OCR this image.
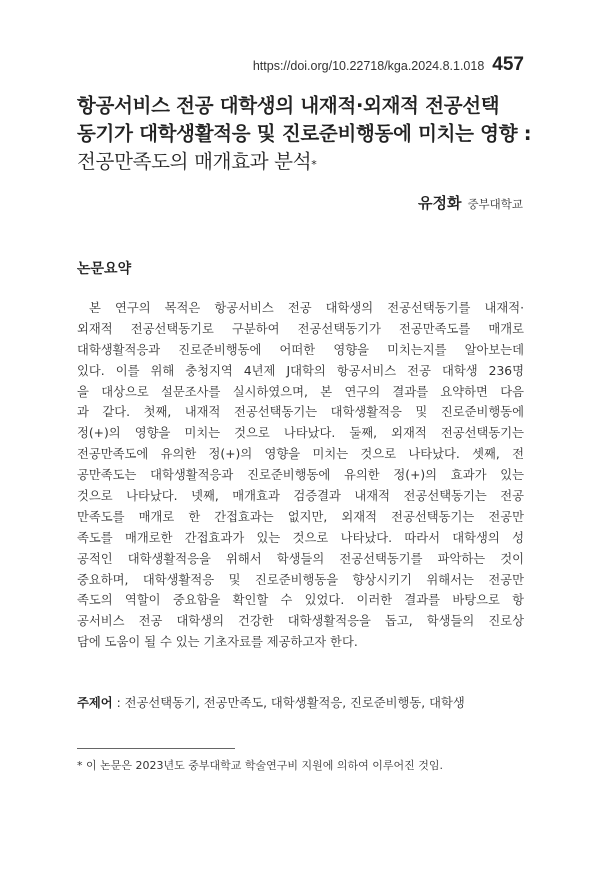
https://doi.org/10.22718/kga.2024.8.1.018 457
항공서비스 전공 대학생의 내재적·외재적 전공선택
동기가 대학생활적응 및 진로준비행동에 미치는 영향 :
전공만족도의 매개효과 분석*
유정화 중부대학교
논문요약
본 연구의 목적은 항공서비스 전공 대학생의 전공선택동기를 내재적·
외재적 전공선택동기로 구분하여 전공선택동기가 전공만족도를 매개로
대학생활적응과 진로준비행동에 어떠한 영향을 미치는지를 알아보는데
있다. 이를 위해 충청지역 4년제 J대학의 항공서비스 전공 대학생 236명
을 대상으로 설문조사를 실시하였으며, 본 연구의 결과를 요약하면 다음
과 같다. 첫째, 내재적 전공선택동기는 대학생활적응 및 진로준비행동에
정(+)의 영향을 미치는 것으로 나타났다. 둘째, 외재적 전공선택동기는
전공만족도에 유의한 정(+)의 영향을 미치는 것으로 나타났다. 셋째, 전
공만족도는 대학생활적응과 진로준비행동에 유의한 정(+)의 효과가 있는
것으로 나타났다. 넷째, 매개효과 검증결과 내재적 전공선택동기는 전공
만족도를 매개로 한 간접효과는 없지만, 외재적 전공선택동기는 전공만
족도를 매개로한 간접효과가 있는 것으로 나타났다. 따라서 대학생의 성
공적인 대학생활적응을 위해서 학생들의 전공선택동기를 파악하는 것이
중요하며, 대학생활적응 및 진로준비행동을 향상시키기 위해서는 전공만
족도의 역할이 중요함을 확인할 수 있었다. 이러한 결과를 바탕으로 항
공서비스 전공 대학생의 건강한 대학생활적응을 돕고, 학생들의 진로상
담에 도움이 될 수 있는 기초자료를 제공하고자 한다.
주제어 : 전공선택동기, 전공만족도, 대학생활적응, 진로준비행동, 대학생
* 이 논문은 2023년도 중부대학교 학술연구비 지원에 의하여 이루어진 것임.
